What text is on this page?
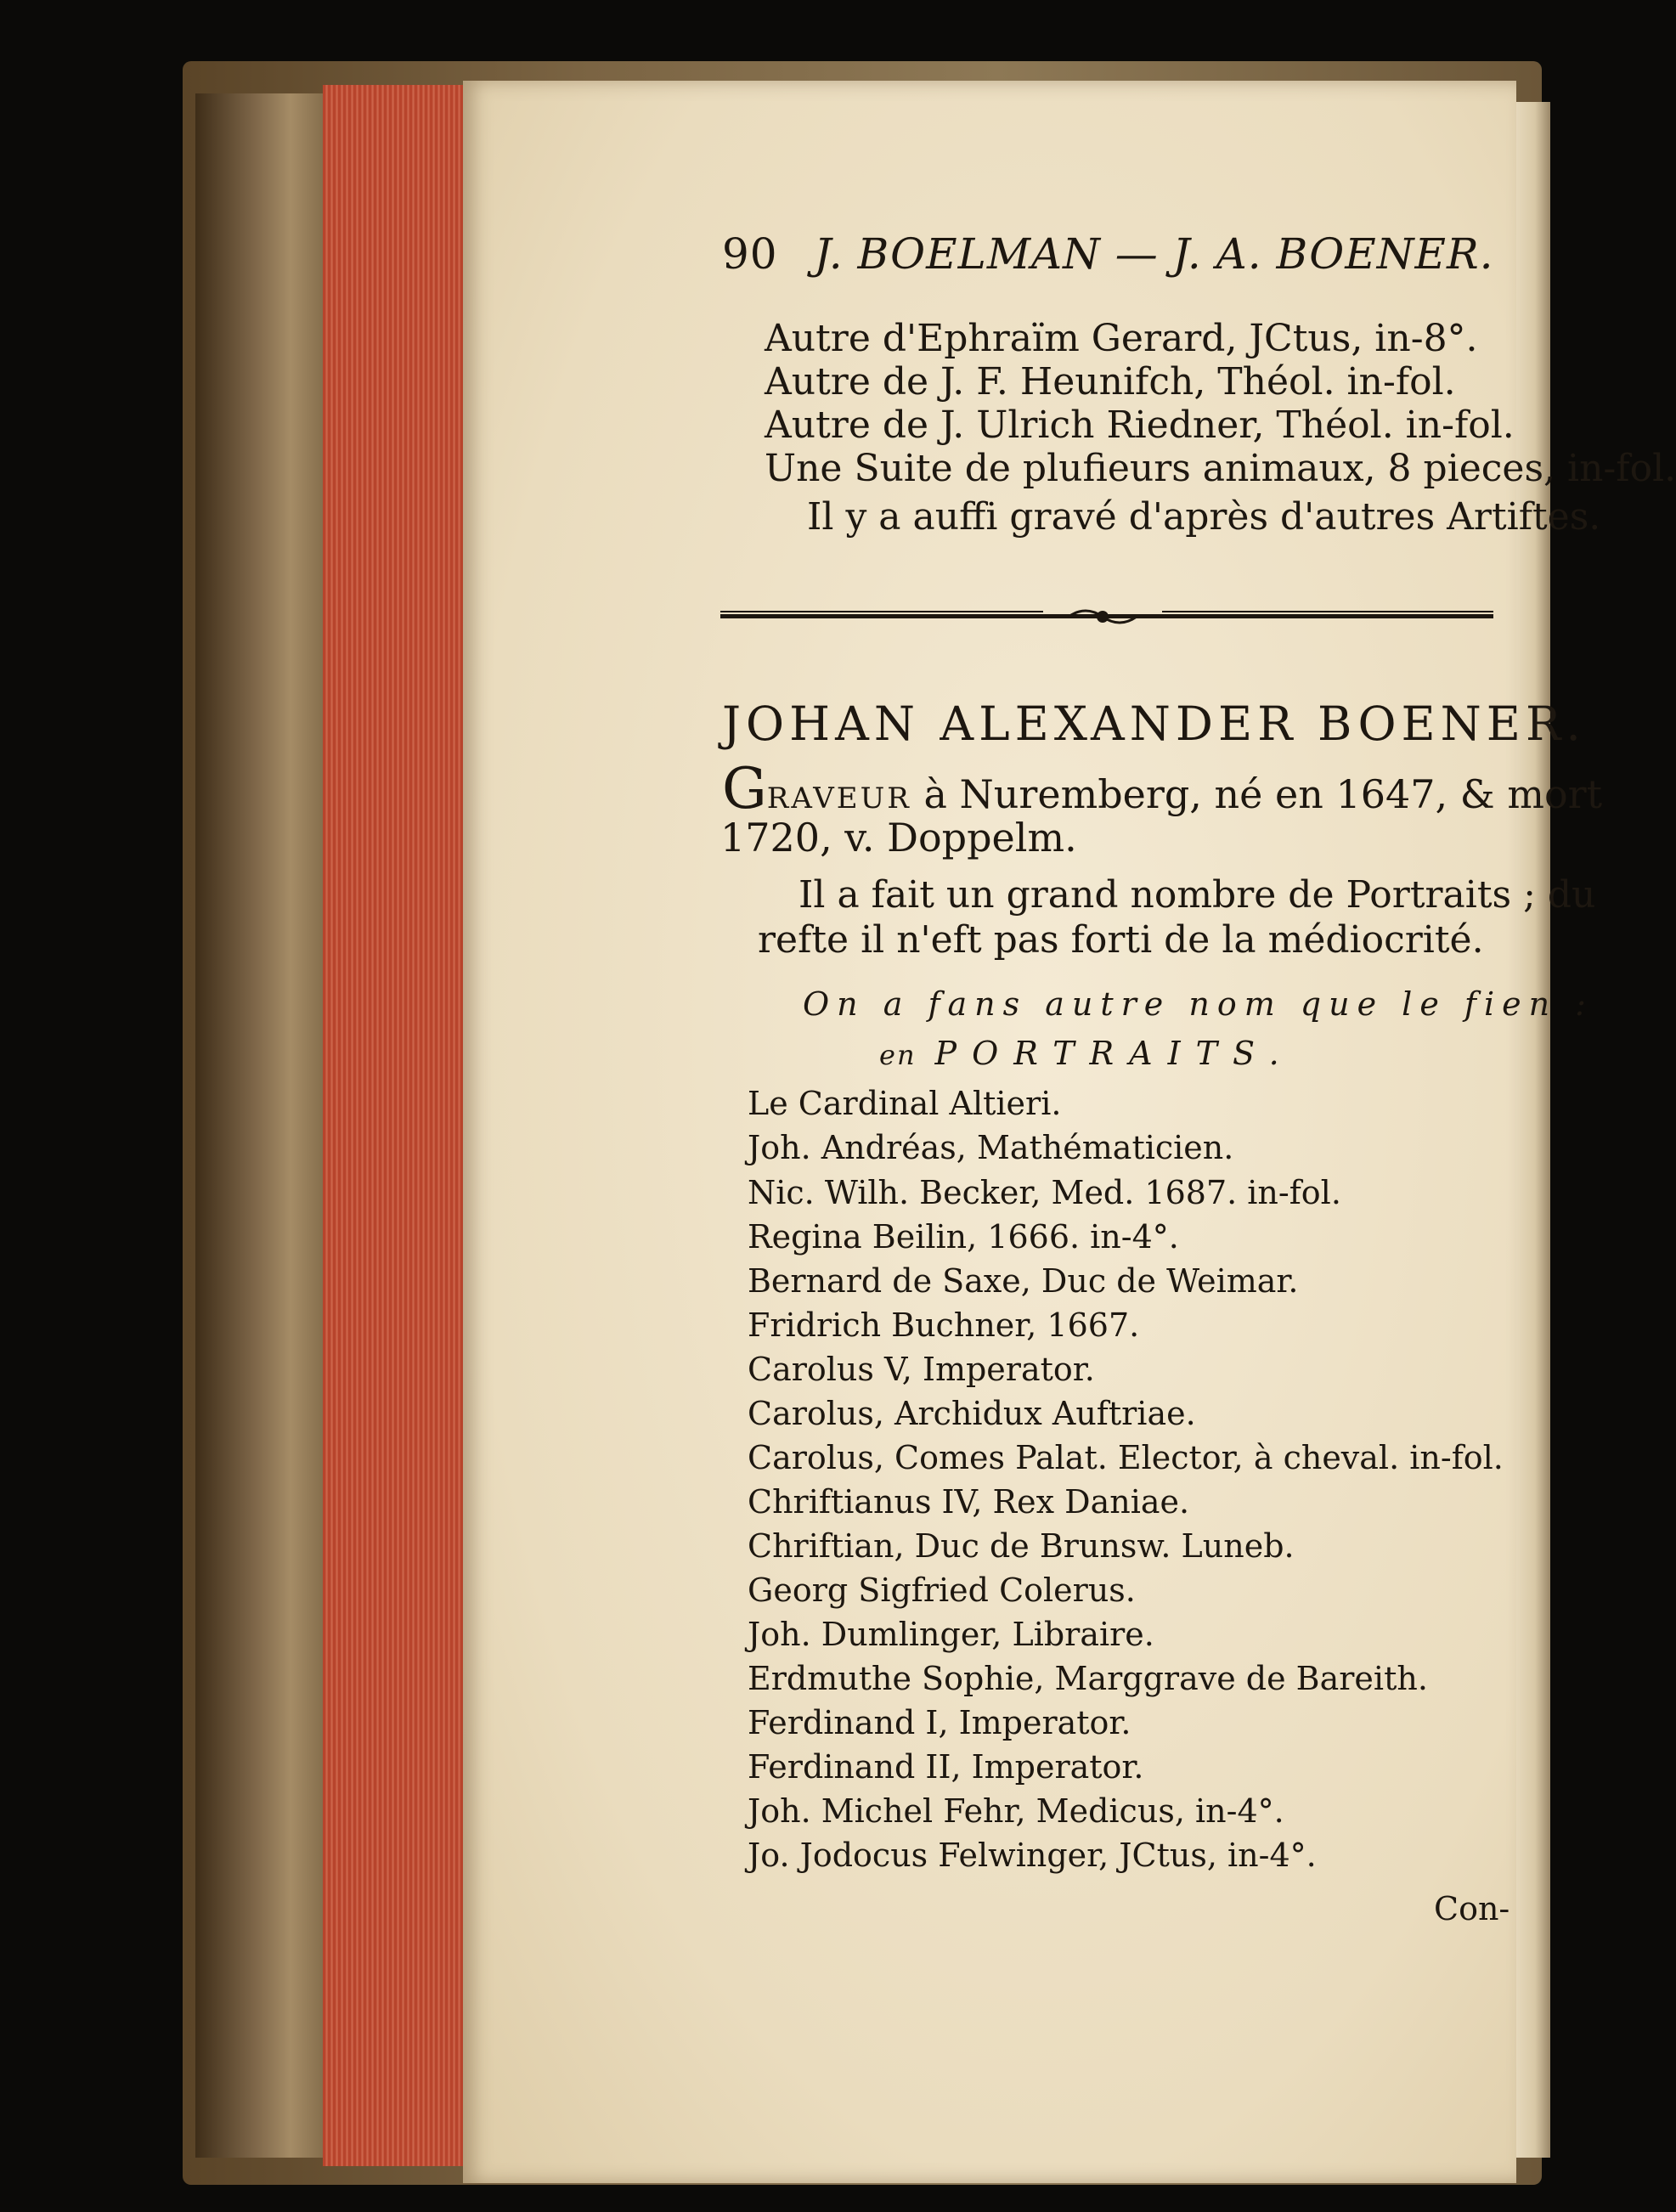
90 J. BOELMAN — J. A. BOENER.
Autre d'Ephraïm Gerard, JCtus, in-8°.
Autre de J. F. Heunifch, Théol. in-fol.
Autre de J. Ulrich Riedner, Théol. in-fol.
Une Suite de plufieurs animaux, 8 pieces, in-fol.
Il y a auffi gravé d'après d'autres Artiftes.
JOHAN ALEXANDER BOENER.
GRAVEUR à Nuremberg, né en 1647, & mort
1720, v. Doppelm.
Il a fait un grand nombre de Portraits ; du
refte il n'eft pas forti de la médiocrité.
On a fans autre nom que le fien :
en PORTRAITS.
Le Cardinal Altieri.
Joh. Andréas, Mathématicien.
Nic. Wilh. Becker, Med. 1687. in-fol.
Regina Beilin, 1666. in-4°.
Bernard de Saxe, Duc de Weimar.
Fridrich Buchner, 1667.
Carolus V, Imperator.
Carolus, Archidux Auftriae.
Carolus, Comes Palat. Elector, à cheval. in-fol.
Chriftianus IV, Rex Daniae.
Chriftian, Duc de Brunsw. Luneb.
Georg Sigfried Colerus.
Joh. Dumlinger, Libraire.
Erdmuthe Sophie, Marggrave de Bareith.
Ferdinand I, Imperator.
Ferdinand II, Imperator.
Joh. Michel Fehr, Medicus, in-4°.
Jo. Jodocus Felwinger, JCtus, in-4°.
Con-
